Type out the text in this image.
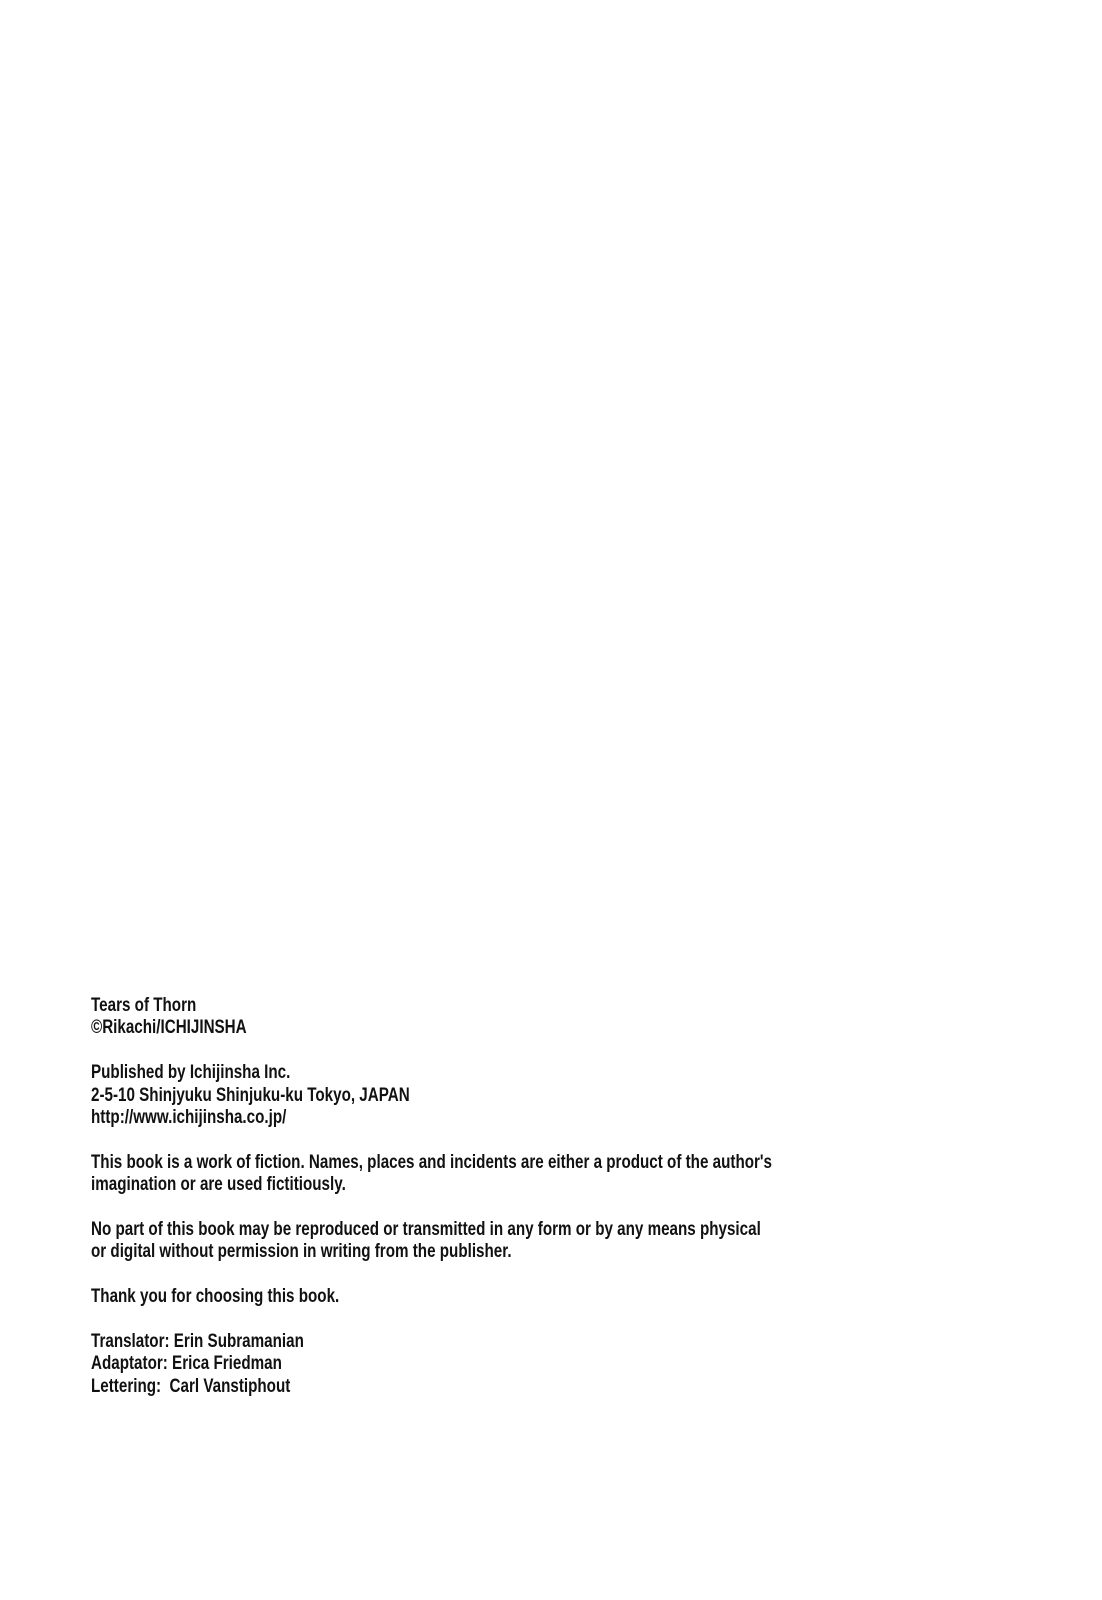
Tears of Thorn
©Rikachi/ICHIJINSHA
Published by Ichijinsha Inc.
2-5-10 Shinjyuku Shinjuku-ku Tokyo, JAPAN
http://www.ichijinsha.co.jp/
This book is a work of fiction. Names, places and incidents are either a product of the author's
imagination or are used fictitiously.
No part of this book may be reproduced or transmitted in any form or by any means physical
or digital without permission in writing from the publisher.
Thank you for choosing this book.
Translator: Erin Subramanian
Adaptator: Erica Friedman
Lettering:  Carl Vanstiphout
